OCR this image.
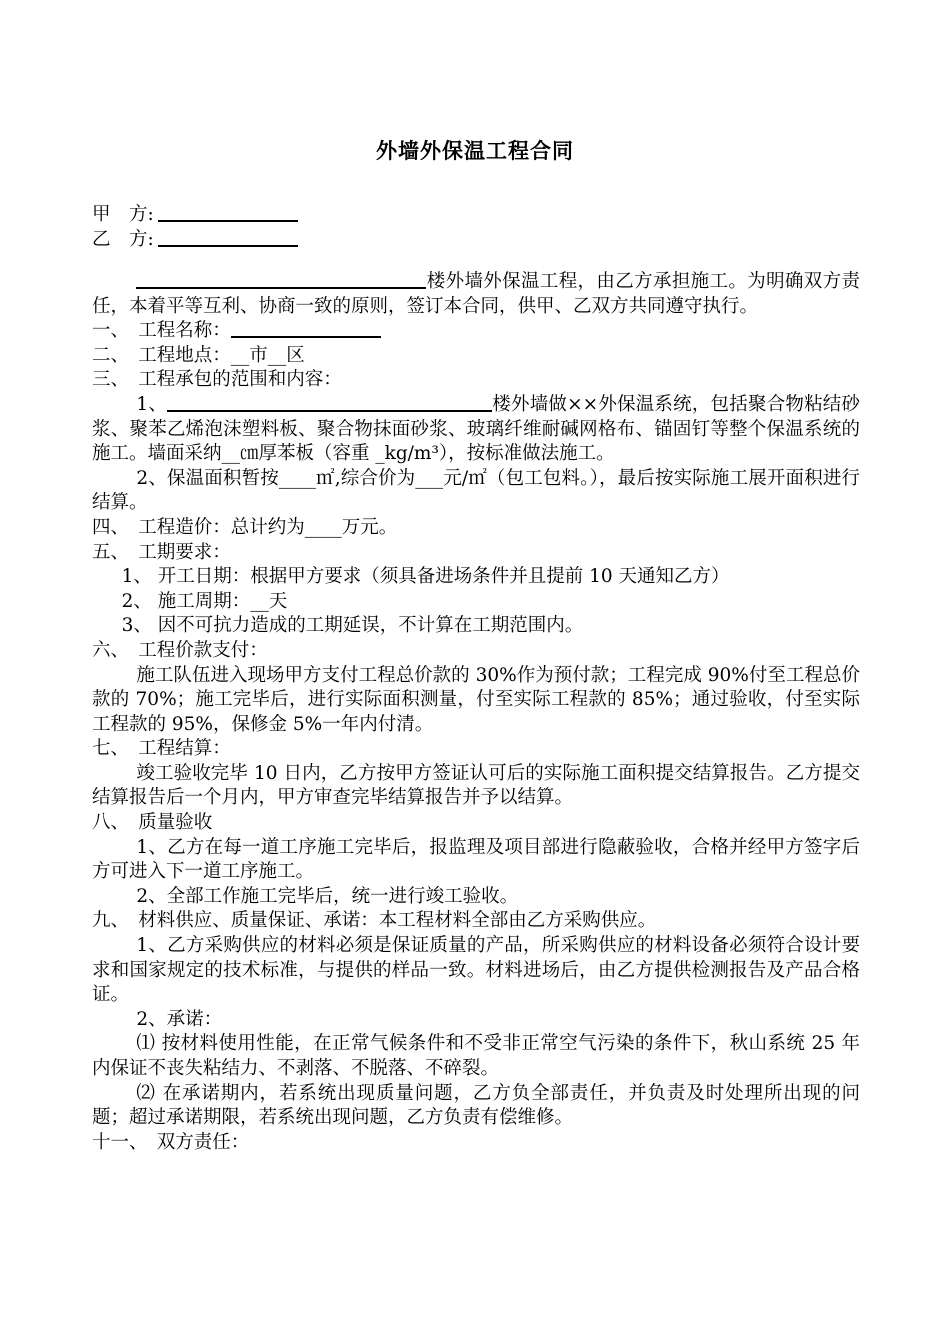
外墙外保温工程合同
甲　方:
乙　方:

楼外墙外保温工程，由乙方承担施工。为明确双方责任，本着平等互利、协商一致的原则，签订本合同，供甲、乙双方共同遵守执行。

一、　工程名称：

二、　工程地点：__市__区

三、　工程承包的范围和内容：

1、	楼外墙做××外保温系统，包括聚合物粘结砂浆、聚苯乙烯泡沫塑料板、聚合物抹面砂浆、玻璃纤维耐碱网格布、锚固钉等整个保温系统的施工。墙面采纳__㎝厚苯板（容重 _kg/m³），按标准做法施工。

2、保温面积暂按____㎡,综合价为___元/㎡（包工包料。），最后按实际施工展开面积进行结算。

四、　工程造价：总计约为____万元。

五、　工期要求：

1、 开工日期：根据甲方要求（须具备进场条件并且提前 10 天通知乙方）

2、 施工周期：__天

3、 因不可抗力造成的工期延误，不计算在工期范围内。

六、　工程价款支付：

施工队伍进入现场甲方支付工程总价款的 30%作为预付款；工程完成 90%付至工程总价款的 70%；施工完毕后，进行实际面积测量，付至实际工程款的 85%；通过验收，付至实际工程款的 95%，保修金 5%一年内付清。

七、　工程结算：

竣工验收完毕 10 日内，乙方按甲方签证认可后的实际施工面积提交结算报告。乙方提交结算报告后一个月内，甲方审查完毕结算报告并予以结算。

八、　质量验收

1、乙方在每一道工序施工完毕后，报监理及项目部进行隐蔽验收，合格并经甲方签字后方可进入下一道工序施工。

2、全部工作施工完毕后，统一进行竣工验收。

九、　材料供应、质量保证、承诺：本工程材料全部由乙方采购供应。

1、乙方采购供应的材料必须是保证质量的产品，所采购供应的材料设备必须符合设计要求和国家规定的技术标准，与提供的样品一致。材料进场后，由乙方提供检测报告及产品合格证。

2、承诺：

⑴ 按材料使用性能，在正常气候条件和不受非正常空气污染的条件下，秋山系统 25 年内保证不丧失粘结力、不剥落、不脱落、不碎裂。

⑵ 在承诺期内，若系统出现质量问题，乙方负全部责任，并负责及时处理所出现的问题；超过承诺期限，若系统出现问题，乙方负责有偿维修。

十一、　双方责任：
